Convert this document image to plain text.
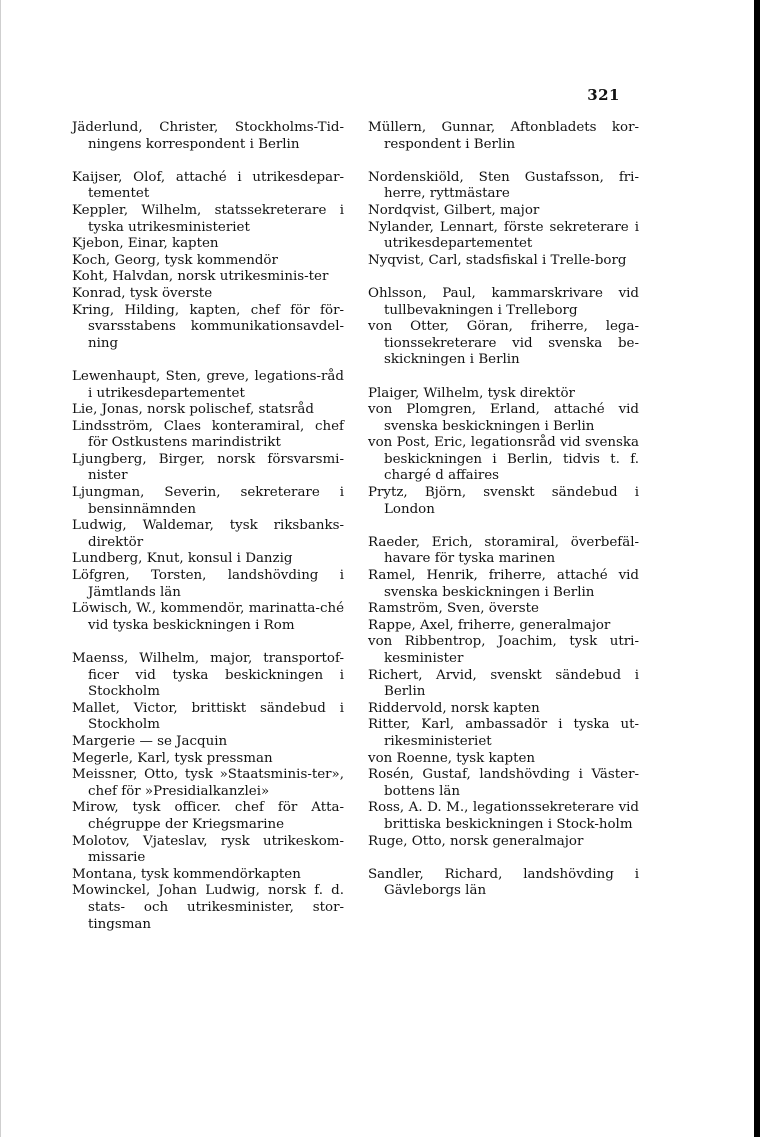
321
Jäderlund, Christer, Stockholms-Tid-ningens korrespondent i Berlin
Kaijser, Olof, attaché i utrikesdepar-tementet
Keppler, Wilhelm, statssekreterare i tyska utrikesministeriet
Kjebon, Einar, kapten
Koch, Georg, tysk kommendör
Koht, Halvdan, norsk utrikesminis-ter
Konrad, tysk överste
Kring, Hilding, kapten, chef för för-svarsstabens kommunikationsavdel-ning
Lewenhaupt, Sten, greve, legations-råd i utrikesdepartementet
Lie, Jonas, norsk polischef, statsråd
Lindsström, Claes konteramiral, chef för Ostkustens marindistrikt
Ljungberg, Birger, norsk försvarsmi-nister
Ljungman, Severin, sekreterare i bensinnämnden
Ludwig, Waldemar, tysk riksbanks-direktör
Lundberg, Knut, konsul i Danzig
Löfgren, Torsten, landshövding i Jämtlands län
Löwisch, W., kommendör, marinatta-ché vid tyska beskickningen i Rom
Maenss, Wilhelm, major, transportof-ficer vid tyska beskickningen i Stockholm
Mallet, Victor, brittiskt sändebud i Stockholm
Margerie — se Jacquin
Megerle, Karl, tysk pressman
Meissner, Otto, tysk »Staatsminis-ter», chef för »Presidialkanzlei»
Mirow, tysk officer. chef för Atta-chégruppe der Kriegsmarine
Molotov, Vjateslav, rysk utrikeskom-missarie
Montana, tysk kommendörkapten
Mowinckel, Johan Ludwig, norsk f. d. stats- och utrikesminister, stor-tingsman
Müllern, Gunnar, Aftonbladets kor-respondent i Berlin
Nordenskiöld, Sten Gustafsson, fri-herre, ryttmästare
Nordqvist, Gilbert, major
Nylander, Lennart, förste sekreterare i utrikesdepartementet
Nyqvist, Carl, stadsfiskal i Trelle-borg
Ohlsson, Paul, kammarskrivare vid tullbevakningen i Trelleborg
von Otter, Göran, friherre, lega-tionssekreterare vid svenska be-skickningen i Berlin
Plaiger, Wilhelm, tysk direktör
von Plomgren, Erland, attaché vid svenska beskickningen i Berlin
von Post, Eric, legationsråd vid svenska beskickningen i Berlin, tidvis t. f. chargé d affaires
Prytz, Björn, svenskt sändebud i London
Raeder, Erich, storamiral, överbefäl-havare för tyska marinen
Ramel, Henrik, friherre, attaché vid svenska beskickningen i Berlin
Ramström, Sven, överste
Rappe, Axel, friherre, generalmajor
von Ribbentrop, Joachim, tysk utri-kesminister
Richert, Arvid, svenskt sändebud i Berlin
Riddervold, norsk kapten
Ritter, Karl, ambassadör i tyska ut-rikesministeriet
von Roenne, tysk kapten
Rosén, Gustaf, landshövding i Väster-bottens län
Ross, A. D. M., legationssekreterare vid brittiska beskickningen i Stock-holm
Ruge, Otto, norsk generalmajor
Sandler, Richard, landshövding i Gävleborgs län
